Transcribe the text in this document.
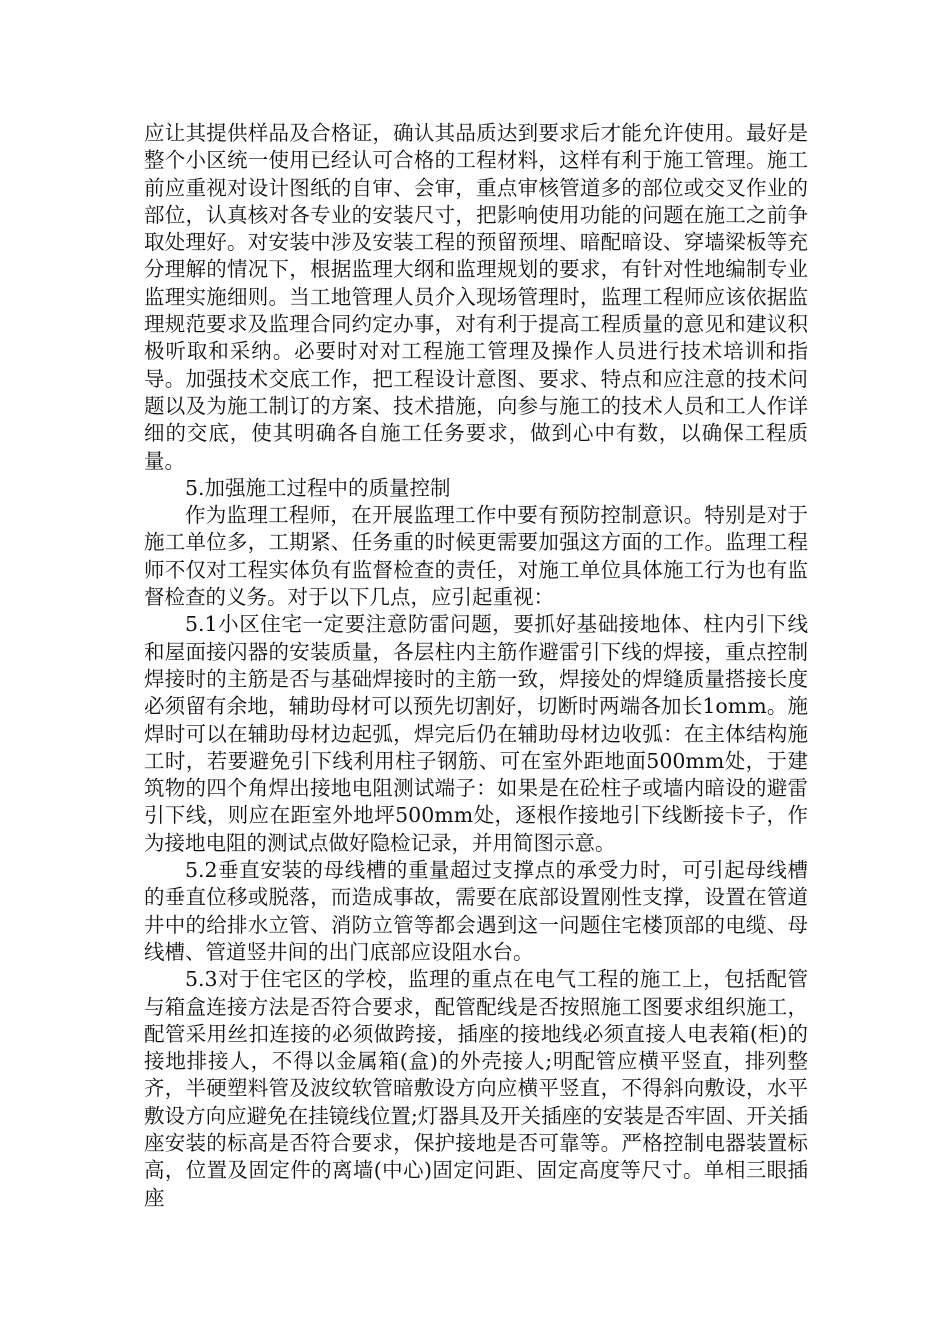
应让其提供样品及合格证，确认其品质达到要求后才能允许使用。最好是整个小区统一使用已经认可合格的工程材料，这样有利于施工管理。施工前应重视对设计图纸的自审、会审，重点审核管道多的部位或交叉作业的部位，认真核对各专业的安装尺寸，把影响使用功能的问题在施工之前争取处理好。对安装中涉及安装工程的预留预埋、暗配暗设、穿墙梁板等充分理解的情况下，根据监理大纲和监理规划的要求，有针对性地编制专业监理实施细则。当工地管理人员介入现场管理时，监理工程师应该依据监理规范要求及监理合同约定办事，对有利于提高工程质量的意见和建议积极听取和采纳。必要时对对工程施工管理及操作人员进行技术培训和指导。加强技术交底工作，把工程设计意图、要求、特点和应注意的技术问题以及为施工制订的方案、技术措施，向参与施工的技术人员和工人作详细的交底，使其明确各自施工任务要求，做到心中有数，以确保工程质量。

5.加强施工过程中的质量控制

作为监理工程师，在开展监理工作中要有预防控制意识。特别是对于施工单位多，工期紧、任务重的时候更需要加强这方面的工作。监理工程师不仅对工程实体负有监督检查的责任，对施工单位具体施工行为也有监督检查的义务。对于以下几点，应引起重视：

5.1小区住宅一定要注意防雷问题，要抓好基础接地体、柱内引下线和屋面接闪器的安装质量，各层柱内主筋作避雷引下线的焊接，重点控制焊接时的主筋是否与基础焊接时的主筋一致，焊接处的焊缝质量搭接长度必须留有余地，辅助母材可以预先切割好，切断时两端各加长1omm。施焊时可以在辅助母材边起弧，焊完后仍在辅助母材边收弧：在主体结构施工时，若要避免引下线利用柱子钢筋、可在室外距地面500mm处，于建筑物的四个角焊出接地电阻测试端子：如果是在砼柱子或墙内暗设的避雷引下线，则应在距室外地坪500mm处，逐根作接地引下线断接卡子，作为接地电阻的测试点做好隐检记录，并用简图示意。

5.2垂直安装的母线槽的重量超过支撑点的承受力时，可引起母线槽的垂直位移或脱落，而造成事故，需要在底部设置刚性支撑，设置在管道井中的给排水立管、消防立管等都会遇到这一问题住宅楼顶部的电缆、母线槽、管道竖井间的出门底部应设阻水台。

5.3对于住宅区的学校，监理的重点在电气工程的施工上，包括配管与箱盒连接方法是否符合要求，配管配线是否按照施工图要求组织施工，配管采用丝扣连接的必须做跨接，插座的接地线必须直接人电表箱(柜)的接地排接人，不得以金属箱(盒)的外壳接人;明配管应横平竖直，排列整齐，半硬塑料管及波纹软管暗敷设方向应横平竖直，不得斜向敷设，水平敷设方向应避免在挂镜线位置;灯器具及开关插座的安装是否牢固、开关插座安装的标高是否符合要求，保护接地是否可靠等。严格控制电器装置标高，位置及固定件的离墙(中心)固定问距、固定高度等尺寸。单相三眼插座
